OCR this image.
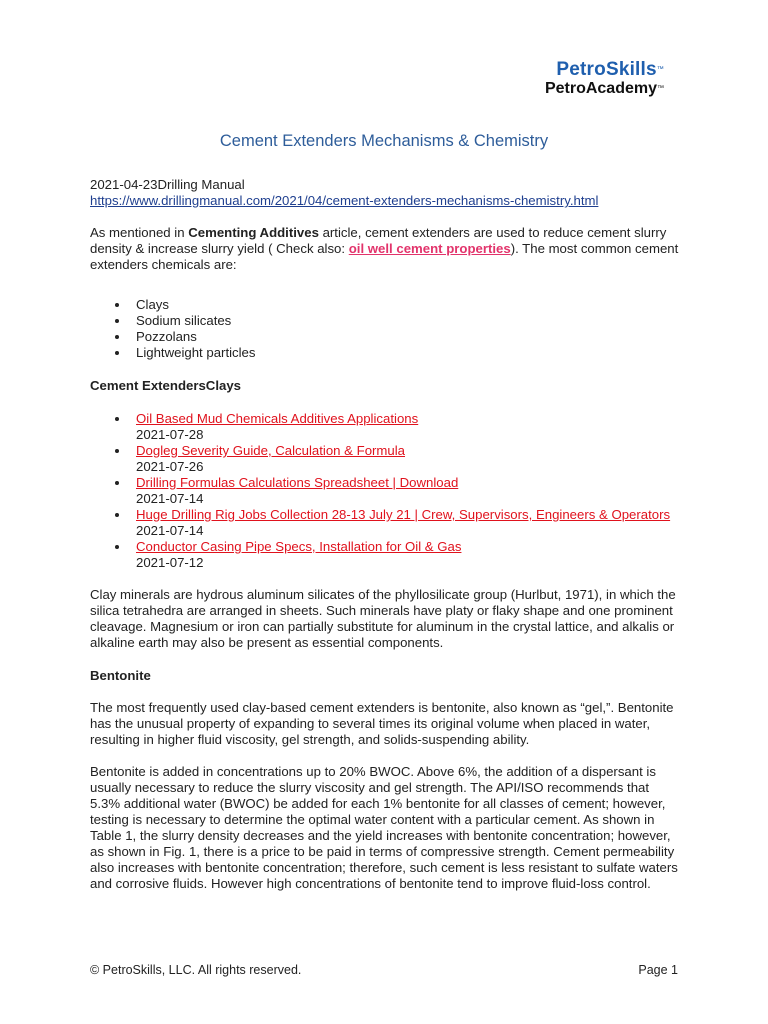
PetroSkills™
PetroAcademy™
Cement Extenders Mechanisms & Chemistry
2021-04-23Drilling Manual
https://www.drillingmanual.com/2021/04/cement-extenders-mechanisms-chemistry.html

As mentioned in Cementing Additives article, cement extenders are used to reduce cement slurry density & increase slurry yield ( Check also: oil well cement properties). The most common cement extenders chemicals are:

Clays
Sodium silicates
Pozzolans
Lightweight particles

Cement ExtendersClays

Oil Based Mud Chemicals Additives Applications
2021-07-28
Dogleg Severity Guide, Calculation & Formula
2021-07-26
Drilling Formulas Calculations Spreadsheet | Download
2021-07-14
Huge Drilling Rig Jobs Collection 28-13 July 21 | Crew, Supervisors, Engineers & Operators
2021-07-14
Conductor Casing Pipe Specs, Installation for Oil & Gas
2021-07-12

Clay minerals are hydrous aluminum silicates of the phyllosilicate group (Hurlbut, 1971), in which the silica tetrahedra are arranged in sheets. Such minerals have platy or flaky shape and one prominent cleavage. Magnesium or iron can partially substitute for aluminum in the crystal lattice, and alkalis or alkaline earth may also be present as essential components.

Bentonite

The most frequently used clay-based cement extenders is bentonite, also known as “gel,”. Bentonite has the unusual property of expanding to several times its original volume when placed in water, resulting in higher fluid viscosity, gel strength, and solids-suspending ability.

Bentonite is added in concentrations up to 20% BWOC. Above 6%, the addition of a dispersant is usually necessary to reduce the slurry viscosity and gel strength. The API/ISO recommends that 5.3% additional water (BWOC) be added for each 1% bentonite for all classes of cement; however, testing is necessary to determine the optimal water content with a particular cement. As shown in Table 1, the slurry density decreases and the yield increases with bentonite concentration; however, as shown in Fig. 1, there is a price to be paid in terms of compressive strength. Cement permeability also increases with bentonite concentration; therefore, such cement is less resistant to sulfate waters and corrosive fluids. However high concentrations of bentonite tend to improve fluid-loss control.

© PetroSkills, LLC. All rights reserved.	Page 1
